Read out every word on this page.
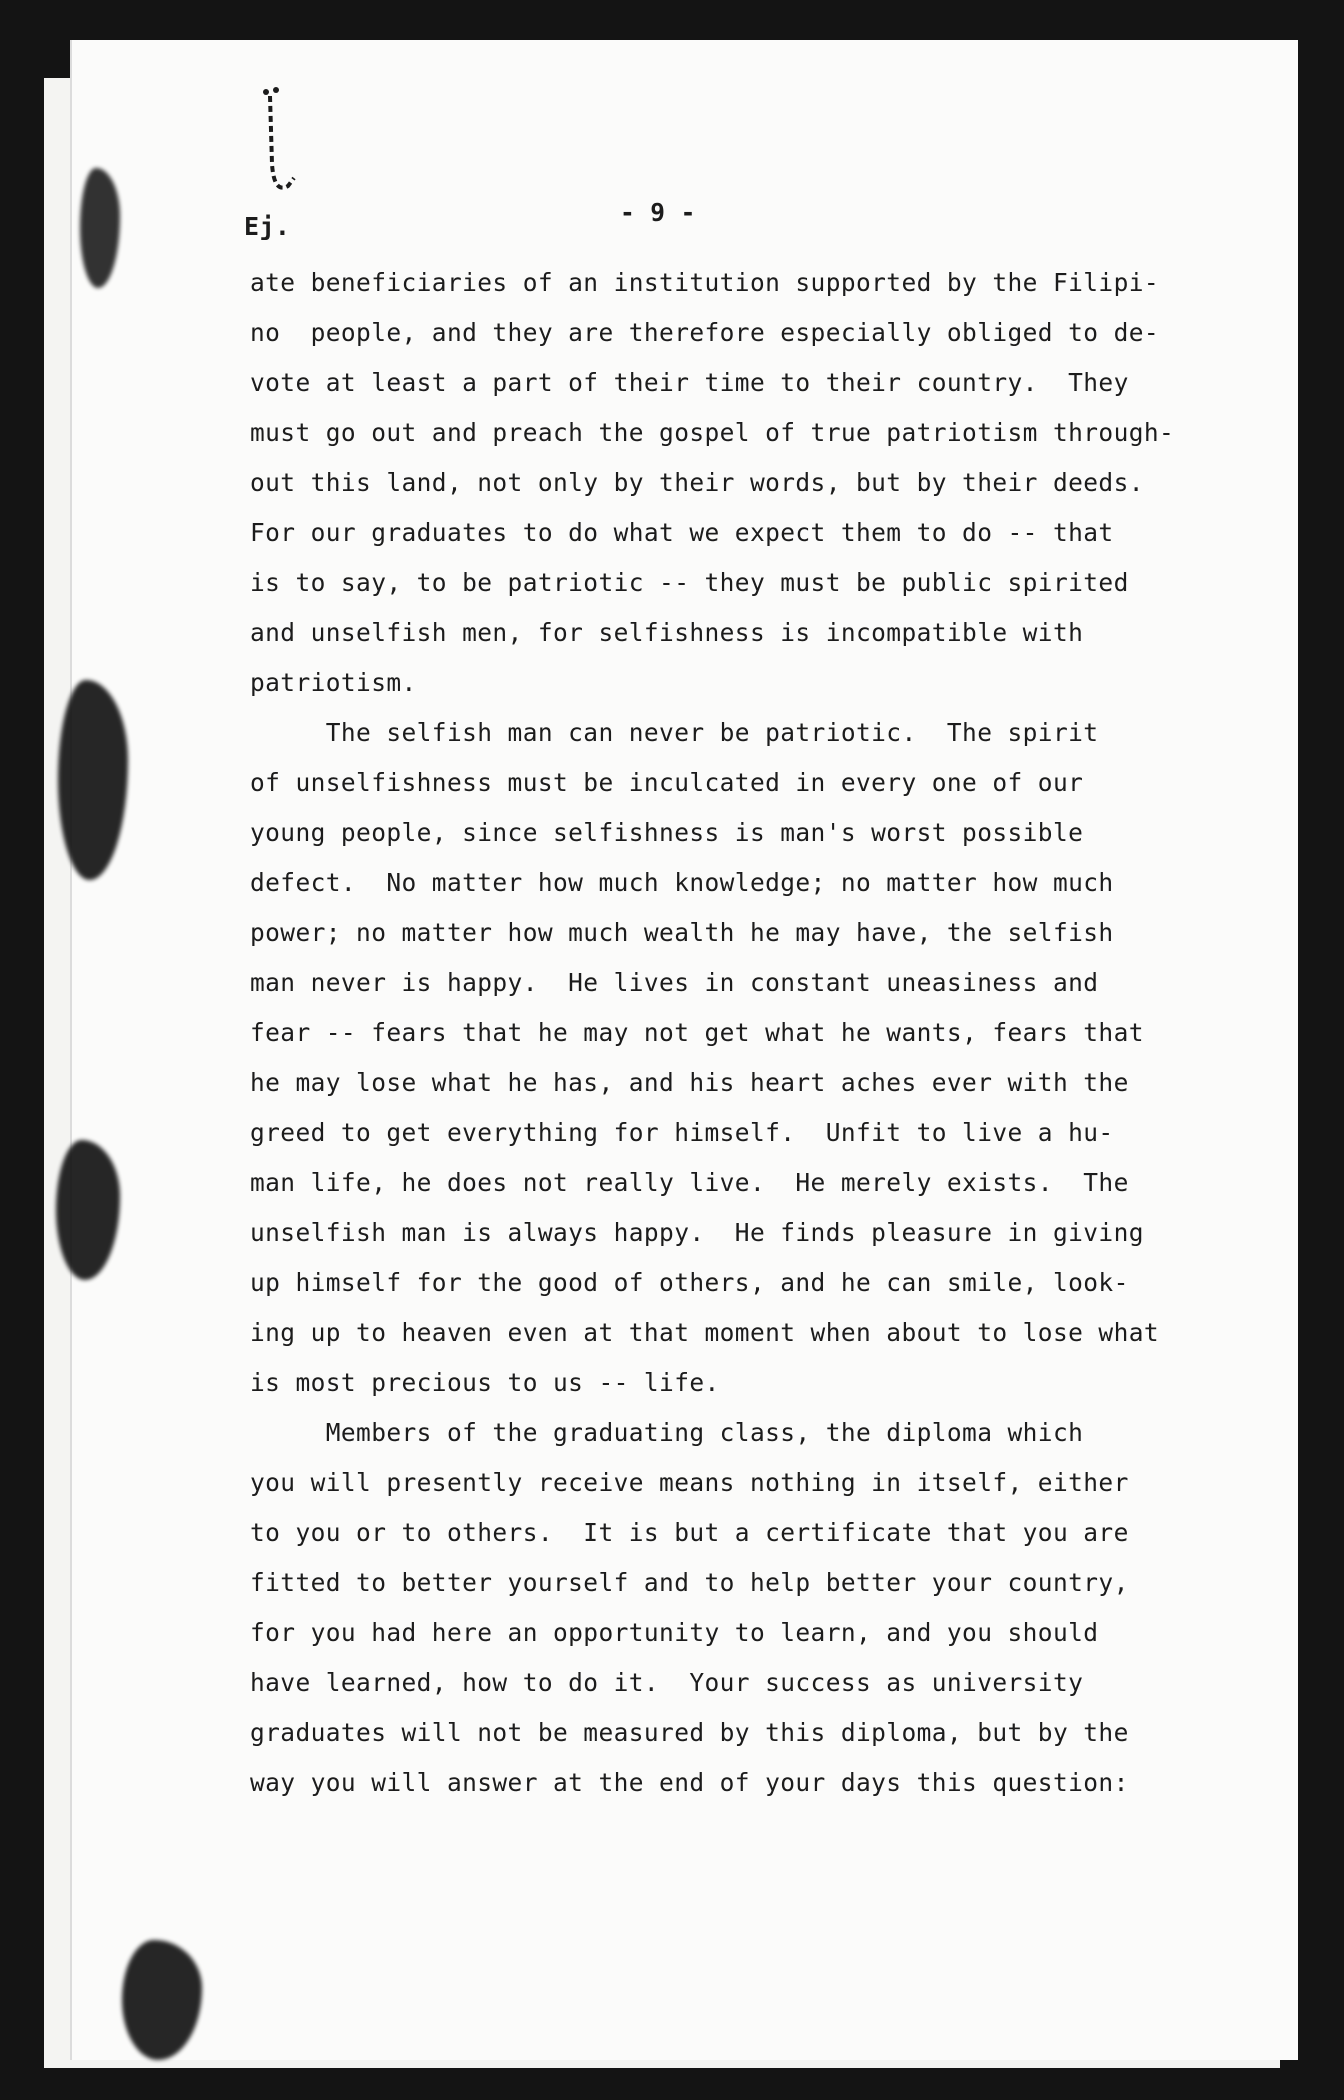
Ej.	- 9 -
ate beneficiaries of an institution supported by the Filipi-
no  people, and they are therefore especially obliged to de-
vote at least a part of their time to their country.  They
must go out and preach the gospel of true patriotism through-
out this land, not only by their words, but by their deeds.
For our graduates to do what we expect them to do -- that
is to say, to be patriotic -- they must be public spirited
and unselfish men, for selfishness is incompatible with
patriotism.
The selfish man can never be patriotic.  The spirit
of unselfishness must be inculcated in every one of our
young people, since selfishness is man's worst possible
defect.  No matter how much knowledge; no matter how much
power; no matter how much wealth he may have, the selfish
man never is happy.  He lives in constant uneasiness and
fear -- fears that he may not get what he wants, fears that
he may lose what he has, and his heart aches ever with the
greed to get everything for himself.  Unfit to live a hu-
man life, he does not really live.  He merely exists.  The
unselfish man is always happy.  He finds pleasure in giving
up himself for the good of others, and he can smile, look-
ing up to heaven even at that moment when about to lose what
is most precious to us -- life.
Members of the graduating class, the diploma which
you will presently receive means nothing in itself, either
to you or to others.  It is but a certificate that you are
fitted to better yourself and to help better your country,
for you had here an opportunity to learn, and you should
have learned, how to do it.  Your success as university
graduates will not be measured by this diploma, but by the
way you will answer at the end of your days this question:
